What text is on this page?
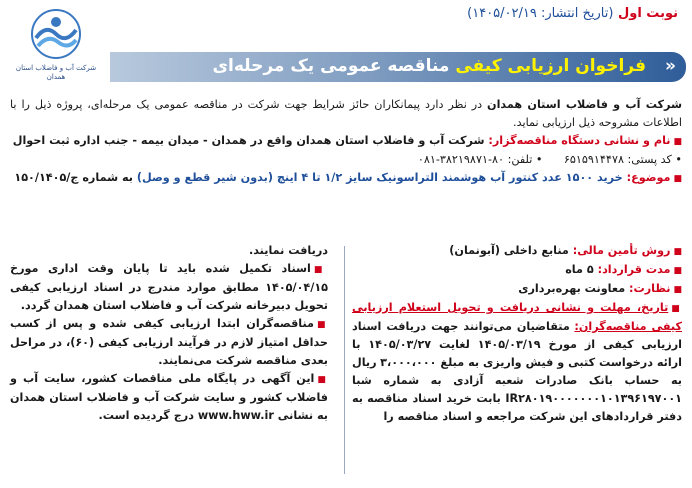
شرکت آب و فاضلاب استان همدان
نوبت اول (تاریخ انتشار: ۱۴۰۵/۰۲/۱۹)
«
فراخوان ارزیابی کیفی مناقصه عمومی یک مرحله‌ای
شرکت آب و فاضلاب استان همدان در نظر دارد پیمانکاران حائز شرایط جهت شرکت در مناقصه عمومی یک مرحله‌ای، پروژه ذیل را با اطلاعات مشروحه ذیل ارزیابی نماید.
■نام و نشانی دستگاه مناقصه‌گزار: شرکت آب و فاضلاب استان همدان واقع در همدان - میدان بیمه - جنب اداره ثبت احوال
• کد پستی: ۶۵۱۵۹۱۴۴۷۸      • تلفن: ۸۰-۳۸۲۱۹۸۷۱-۰۸۱
■موضوع: خرید ۱۵۰۰ عدد کنتور آب هوشمند التراسونیک سایز ۱/۲ تا ۴ اینچ (بدون شیر قطع و وصل) به شماره ج/۱۵۰/۱۴۰۵
■روش تأمین مالی: منابع داخلی (آبونمان)
■مدت قرارداد: ۵ ماه
■نظارت: معاونت بهره‌برداری
■تاریخ، مهلت و نشانی دریافت و تحویل استعلام ارزیابی کیفی مناقصه‌گران: متقاضیان می‌توانند جهت دریافت اسناد ارزیابی کیفی از مورخ ۱۴۰۵/۰۳/۱۹ لغایت ۱۴۰۵/۰۳/۲۷ با ارائه درخواست کتبی و فیش واریزی به مبلغ ۳،۰۰۰،۰۰۰ ریال به حساب بانک صادرات شعبه آزادی به شماره شبا IR۲۸۰۱۹۰۰۰۰۰۰۰۱۰۱۳۹۶۱۹۷۰۰۱ بابت خرید اسناد مناقصه به دفتر قراردادهای این شرکت مراجعه و اسناد مناقصه را
دریافت نمایند.
■اسناد تکمیل شده باید تا پایان وقت اداری مورخ ۱۴۰۵/۰۴/۱۵ مطابق موارد مندرج در اسناد ارزیابی کیفی تحویل دبیرخانه شرکت آب و فاضلاب استان همدان گردد.
■مناقصه‌گران ابتدا ارزیابی کیفی شده و پس از کسب حداقل امتیاز لازم در فرآیند ارزیابی کیفی (۶۰)، در مراحل بعدی مناقصه شرکت می‌نمایند.
■این آگهی در پایگاه ملی مناقصات کشور، سایت آب و فاضلاب کشور و سایت شرکت آب و فاضلاب استان همدان به نشانی www.hww.ir درج گردیده است.
